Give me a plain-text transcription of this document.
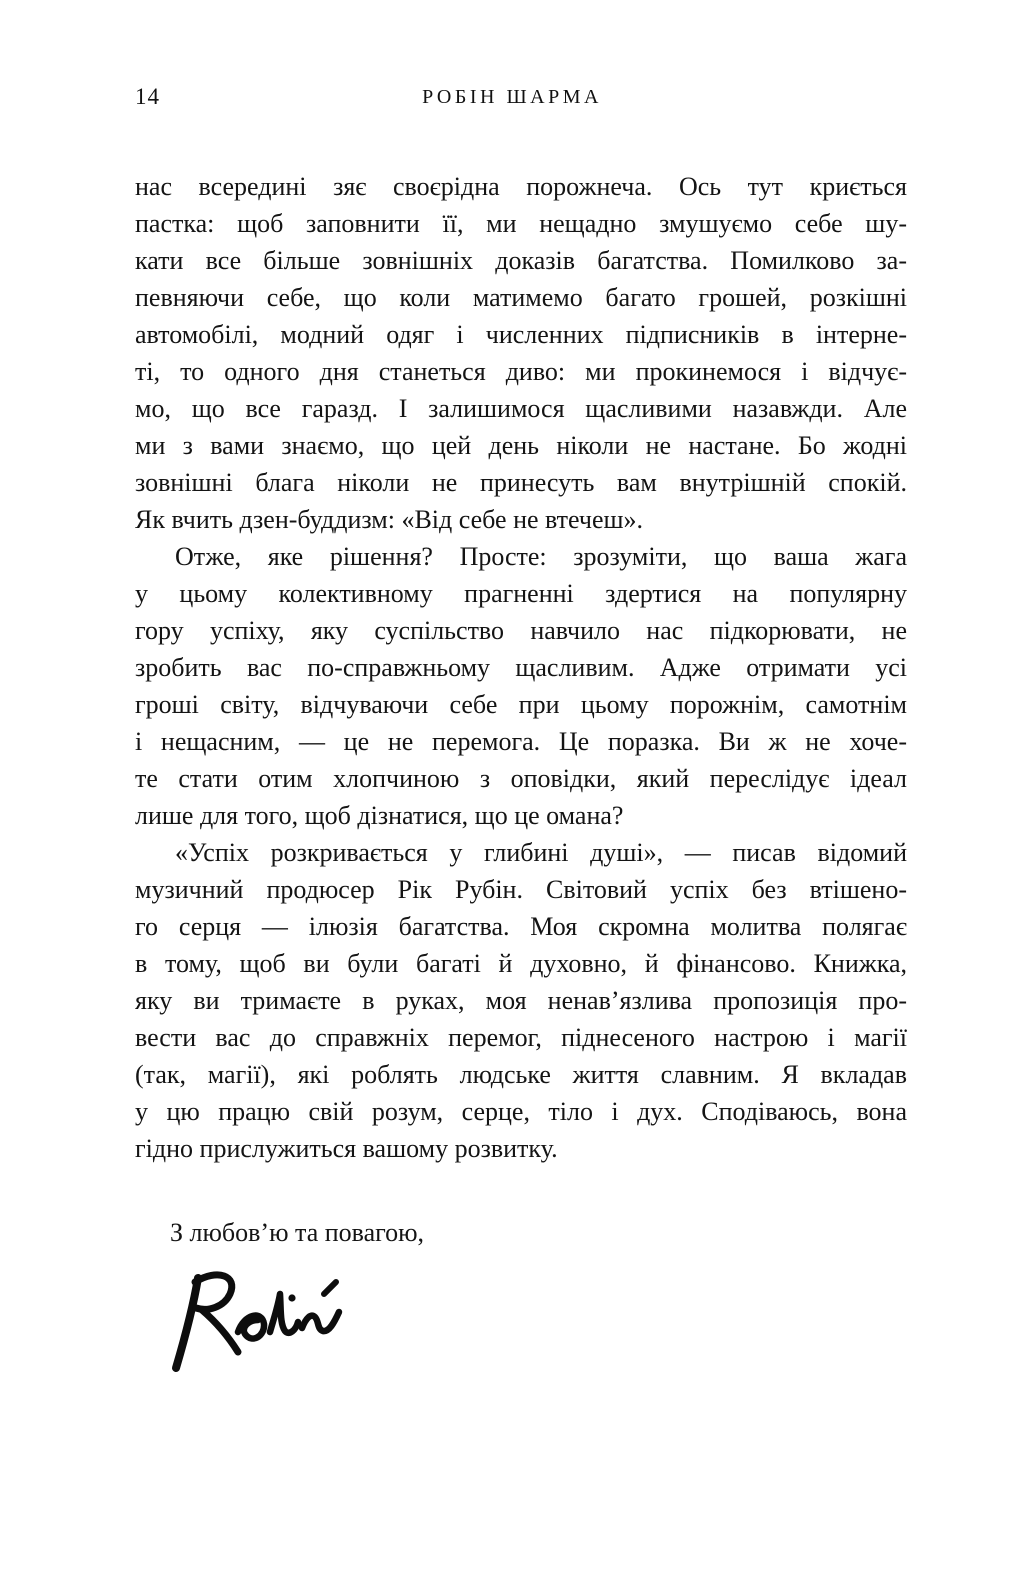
14	РОБІН ШАРМА
нас всередині зяє своєрідна порожнеча. Ось тут криється
пастка: щоб заповнити її, ми нещадно змушуємо себе шу-
кати все більше зовнішніх доказів багатства. Помилково за-
певняючи себе, що коли матимемо багато грошей, розкішні
автомобілі, модний одяг і численних підписників в інтерне-
ті, то одного дня станеться диво: ми прокинемося і відчує-
мо, що все гаразд. І залишимося щасливими назавжди. Але
ми з вами знаємо, що цей день ніколи не настане. Бо жодні
зовнішні блага ніколи не принесуть вам внутрішній спокій.
Як вчить дзен-буддизм: «Від себе не втечеш».
Отже, яке рішення? Просте: зрозуміти, що ваша жага
у цьому колективному прагненні здертися на популярну
гору успіху, яку суспільство навчило нас підкорювати, не
зробить вас по-справжньому щасливим. Адже отримати усі
гроші світу, відчуваючи себе при цьому порожнім, самотнім
і нещасним, — це не перемога. Це поразка. Ви ж не хоче-
те стати отим хлопчиною з оповідки, який переслідує ідеал
лише для того, щоб дізнатися, що це омана?
«Успіх розкривається у глибині душі», — писав відомий
музичний продюсер Рік Рубін. Світовий успіх без втішено-
го серця — ілюзія багатства. Моя скромна молитва полягає
в тому, щоб ви були багаті й духовно, й фінансово. Книжка,
яку ви тримаєте в руках, моя ненав’язлива пропозиція про-
вести вас до справжніх перемог, піднесеного настрою і магії
(так, магії), які роблять людське життя славним. Я вкладав
у цю працю свій розум, серце, тіло і дух. Сподіваюсь, вона
гідно прислужиться вашому розвитку.
З любов’ю та повагою,
